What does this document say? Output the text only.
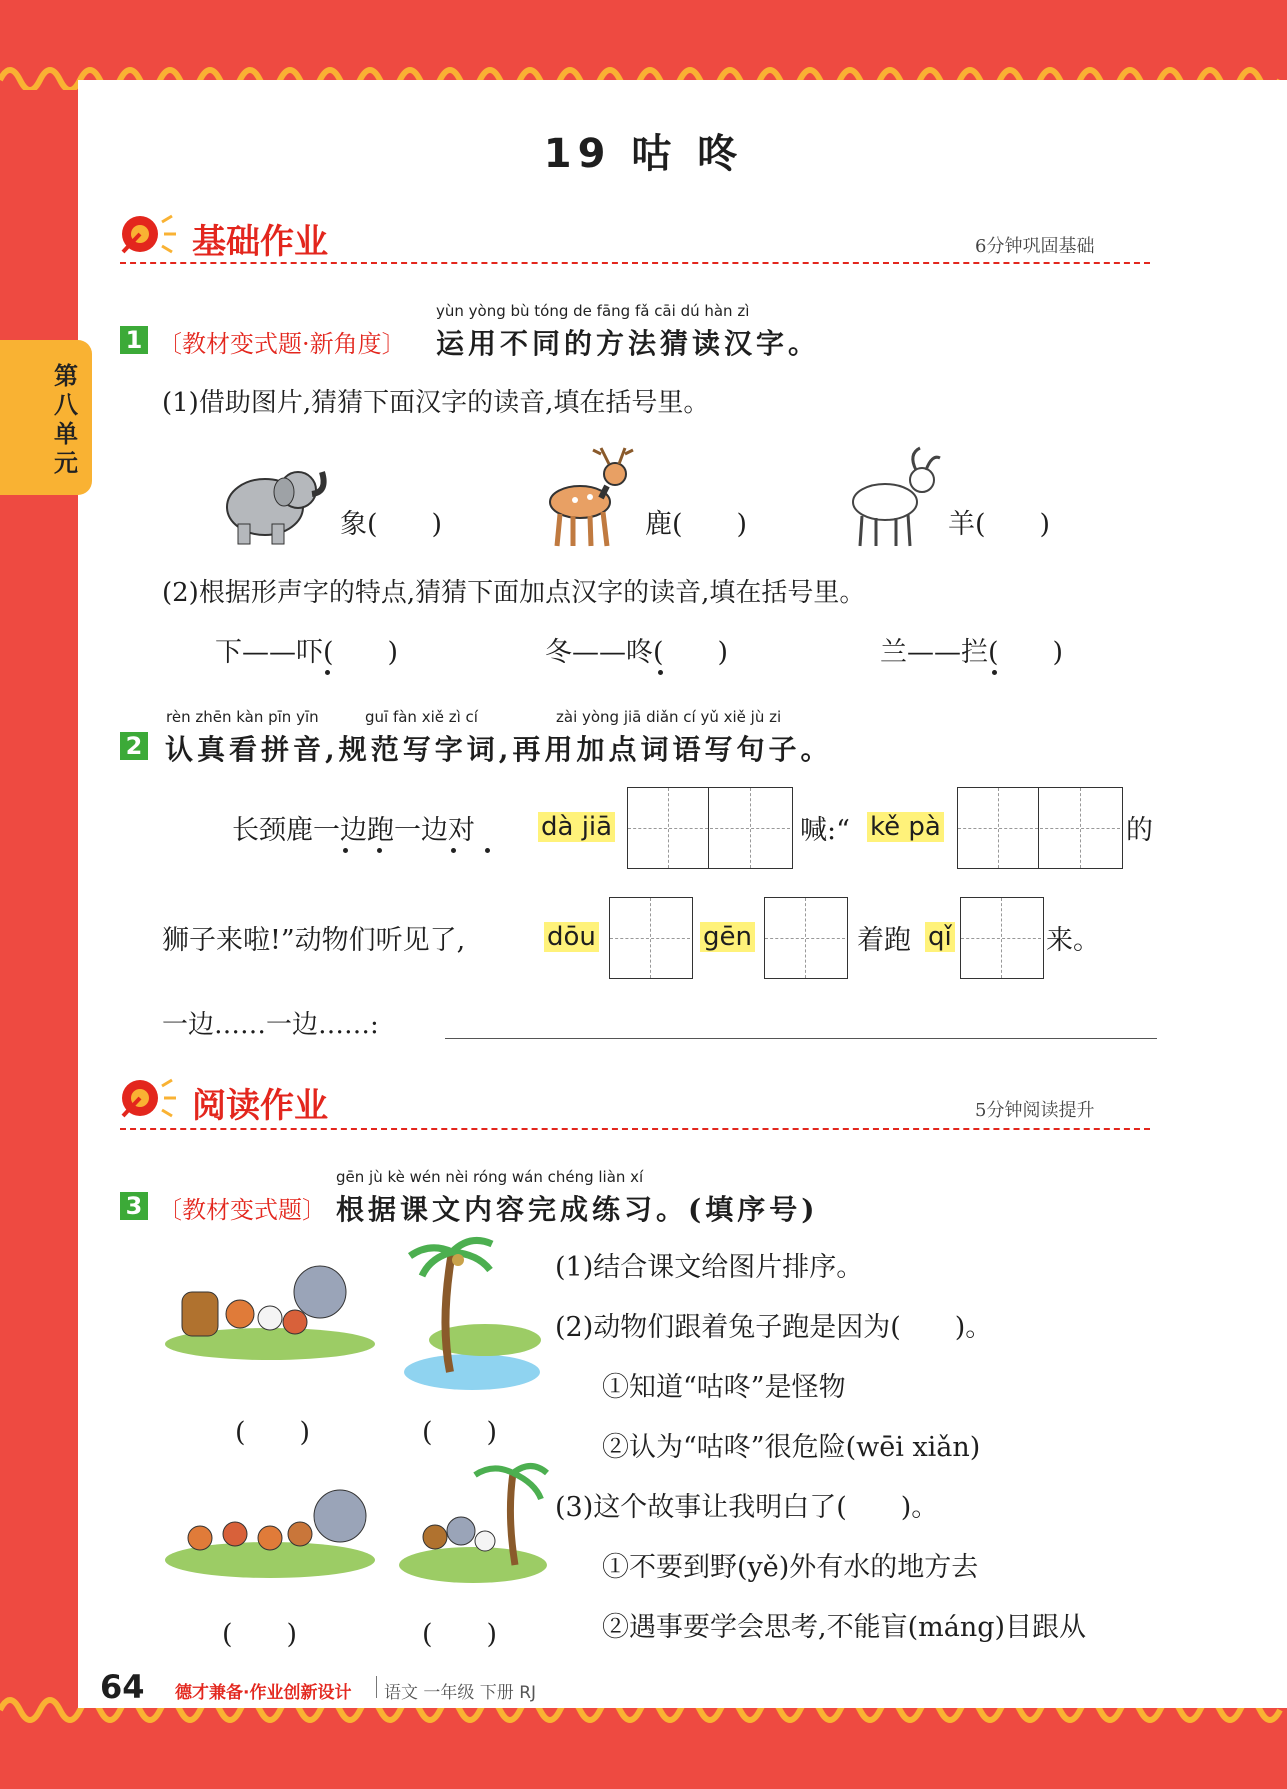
第八单元
19 咕 咚
基础作业	6分钟巩固基础
yùn yòng bù tóng de fāng fǎ cāi dú hàn zì
1 〔教材变式题·新角度〕 运用不同的方法猜读汉字。
(1)借助图片,猜猜下面汉字的读音,填在括号里。
象(　　)	鹿(　　)	羊(　　)
(2)根据形声字的特点,猜猜下面加点汉字的读音,填在括号里。
下——吓(　　)	冬——咚(　　)	兰——拦(　　)
rèn zhēn kàn pīn yīn	guī fàn xiě zì cí	zài yòng jiā diǎn cí yǔ xiě jù zi
2 认真看拼音,规范写字词,再用加点词语写句子。
长颈鹿一边跑一边对	dà jiā	喊:“ kě pà	的
狮子来啦!”动物们听见了,	dōu	gēn	着跑 qǐ	来。
一边……一边……:
阅读作业	5分钟阅读提升
gēn jù kè wén nèi róng wán chéng liàn xí
3 〔教材变式题〕 根据课文内容完成练习。(填序号)
(　　)	(　　)
(　　)	(　　)
(1)结合课文给图片排序。
(2)动物们跟着兔子跑是因为(　　)。
①知道“咕咚”是怪物
②认为“咕咚”很危险(wēi xiǎn)
(3)这个故事让我明白了(　　)。
①不要到野(yě)外有水的地方去
②遇事要学会思考,不能盲(máng)目跟从
64 德才兼备·作业创新设计 语文 一年级 下册 RJ
